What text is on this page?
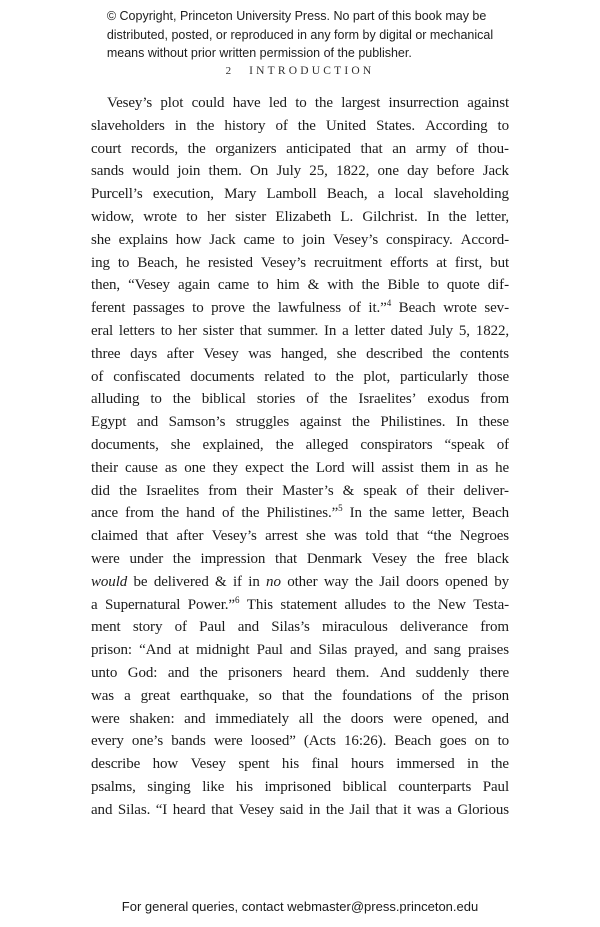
© Copyright, Princeton University Press. No part of this book may be
distributed, posted, or reproduced in any form by digital or mechanical
means without prior written permission of the publisher.
2 INTRODUCTION
Vesey’s plot could have led to the largest insurrection against
slaveholders in the history of the United States. According to
court records, the organizers anticipated that an army of thou-
sands would join them. On July 25, 1822, one day before Jack
Purcell’s execution, Mary Lamboll Beach, a local slaveholding
widow, wrote to her sister Elizabeth L. Gilchrist. In the letter,
she explains how Jack came to join Vesey’s conspiracy. Accord-
ing to Beach, he resisted Vesey’s recruitment efforts at first, but
then, “Vesey again came to him & with the Bible to quote dif-
ferent passages to prove the lawfulness of it.”$^4$ Beach wrote sev-
eral letters to her sister that summer. In a letter dated July 5, 1822,
three days after Vesey was hanged, she described the contents
of confiscated documents related to the plot, particularly those
alluding to the biblical stories of the Israelites’ exodus from
Egypt and Samson’s struggles against the Philistines. In these
documents, she explained, the alleged conspirators “speak of
their cause as one they expect the Lord will assist them in as he
did the Israelites from their Master’s & speak of their deliver-
ance from the hand of the Philistines.”$^5$ In the same letter, Beach
claimed that after Vesey’s arrest she was told that “the Negroes
were under the impression that Denmark Vesey the free black
would be delivered & if in no other way the Jail doors opened by
a Supernatural Power.”$^6$ This statement alludes to the New Testa-
ment story of Paul and Silas’s miraculous deliverance from
prison: “And at midnight Paul and Silas prayed, and sang praises
unto God: and the prisoners heard them. And suddenly there
was a great earthquake, so that the foundations of the prison
were shaken: and immediately all the doors were opened, and
every one’s bands were loosed” (Acts 16:26). Beach goes on to
describe how Vesey spent his final hours immersed in the
psalms, singing like his imprisoned biblical counterparts Paul
and Silas. “I heard that Vesey said in the Jail that it was a Glorious
For general queries, contact webmaster@press.princeton.edu
